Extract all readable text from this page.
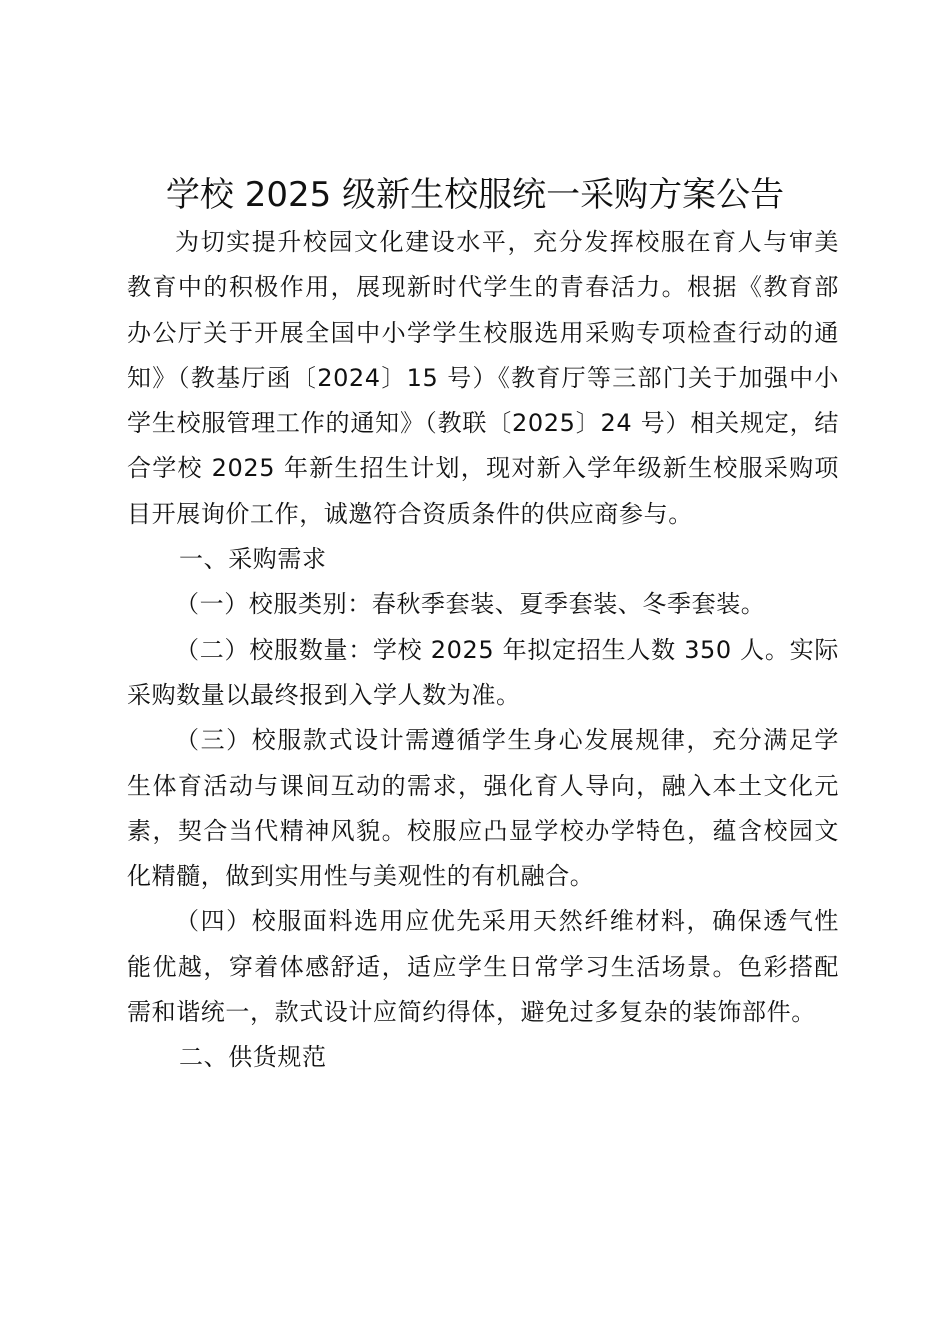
学校 2025 级新生校服统一采购方案公告

为切实提升校园文化建设水平，充分发挥校服在育人与审美教育中的积极作用，展现新时代学生的青春活力。根据《教育部办公厅关于开展全国中小学学生校服选用采购专项检查行动的通知》（教基厅函〔2024〕15 号）《教育厅等三部门关于加强中小学生校服管理工作的通知》（教联〔2025〕24 号）相关规定，结合学校 2025 年新生招生计划，现对新入学年级新生校服采购项目开展询价工作，诚邀符合资质条件的供应商参与。

一、采购需求

（一）校服类别：春秋季套装、夏季套装、冬季套装。

（二）校服数量：学校 2025 年拟定招生人数 350 人。实际采购数量以最终报到入学人数为准。

（三）校服款式设计需遵循学生身心发展规律，充分满足学生体育活动与课间互动的需求，强化育人导向，融入本土文化元素，契合当代精神风貌。校服应凸显学校办学特色，蕴含校园文化精髓，做到实用性与美观性的有机融合。

（四）校服面料选用应优先采用天然纤维材料，确保透气性能优越，穿着体感舒适，适应学生日常学习生活场景。色彩搭配需和谐统一，款式设计应简约得体，避免过多复杂的装饰部件。

二、供货规范
